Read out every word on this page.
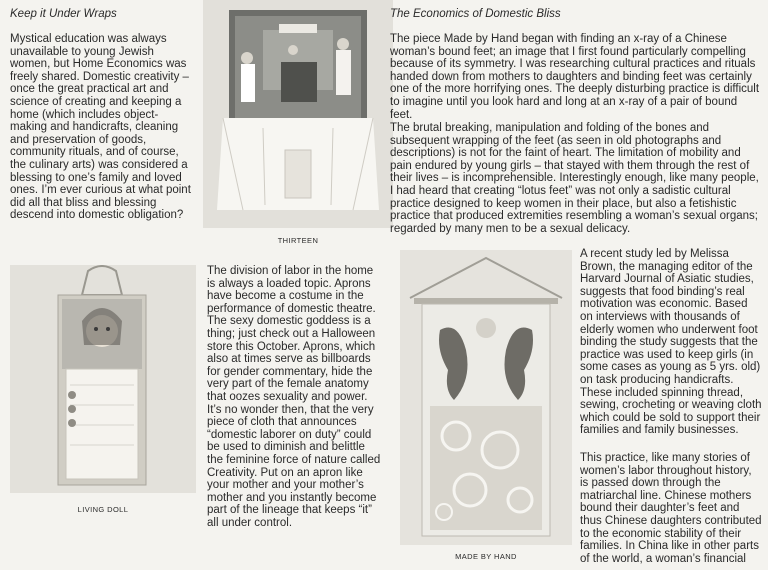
Keep it Under Wraps

Mystical education was always unavailable to young Jewish women, but Home Economics was freely shared. Domestic creativity – once the great practical art and science of creating and keeping a home (which includes object-making and handicrafts, cleaning and preservation of goods, community rituals, and of course, the culinary arts) was considered a blessing to one’s family and loved ones. I’m ever curious at what point did all that bliss and blessing descend into domestic obligation?

THIRTEEN
LIVING DOLL

The division of labor in the home is always a loaded topic. Aprons have become a costume in the performance of domestic theatre. The sexy domestic goddess is a thing; just check out a Halloween store this October. Aprons, which also at times serve as billboards for gender commentary, hide the very part of the female anatomy that oozes sexuality and power. It’s no wonder then, that the very piece of cloth that announces “domestic laborer on duty” could be used to diminish and belittle the feminine force of nature called Creativity. Put on an apron like your mother and your mother’s mother and you instantly become part of the lineage that keeps “it” all under control.

The Economics of Domestic Bliss

The piece Made by Hand began with finding an x-ray of a Chinese woman’s bound feet; an image that I first found particularly compelling because of its symmetry. I was researching cultural practices and rituals handed down from mothers to daughters and binding feet was certainly one of the more horrifying ones. The deeply disturbing practice is difficult to imagine until you look hard and long at an x-ray of a pair of bound feet.

The brutal breaking, manipulation and folding of the bones and subsequent wrapping of the feet (as seen in old photographs and descriptions) is not for the faint of heart. The limitation of mobility and pain endured by young girls – that stayed with them through the rest of their lives – is incomprehensible. Interestingly enough, like many people, I had heard that creating “lotus feet” was not only a sadistic cultural practice designed to keep women in their place, but also a fetishistic practice that produced extremities resembling a woman’s sexual organs; regarded by many men to be a sexual delicacy.

MADE BY HAND

A recent study led by Melissa Brown, the managing editor of the Harvard Journal of Asiatic studies, suggests that food binding’s real motivation was economic. Based on interviews with thousands of elderly women who underwent foot binding the study suggests that the practice was used to keep girls (in some cases as young as 5 yrs. old) on task producing handicrafts. These included spinning thread, sewing, crocheting or weaving cloth which could be sold to support their families and family businesses.

This practice, like many stories of women’s labor throughout history, is passed down through the matriarchal line. Chinese mothers bound their daughter’s feet and thus Chinese daughters contributed to the economic stability of their families. In China like in other parts of the world, a woman’s financial
